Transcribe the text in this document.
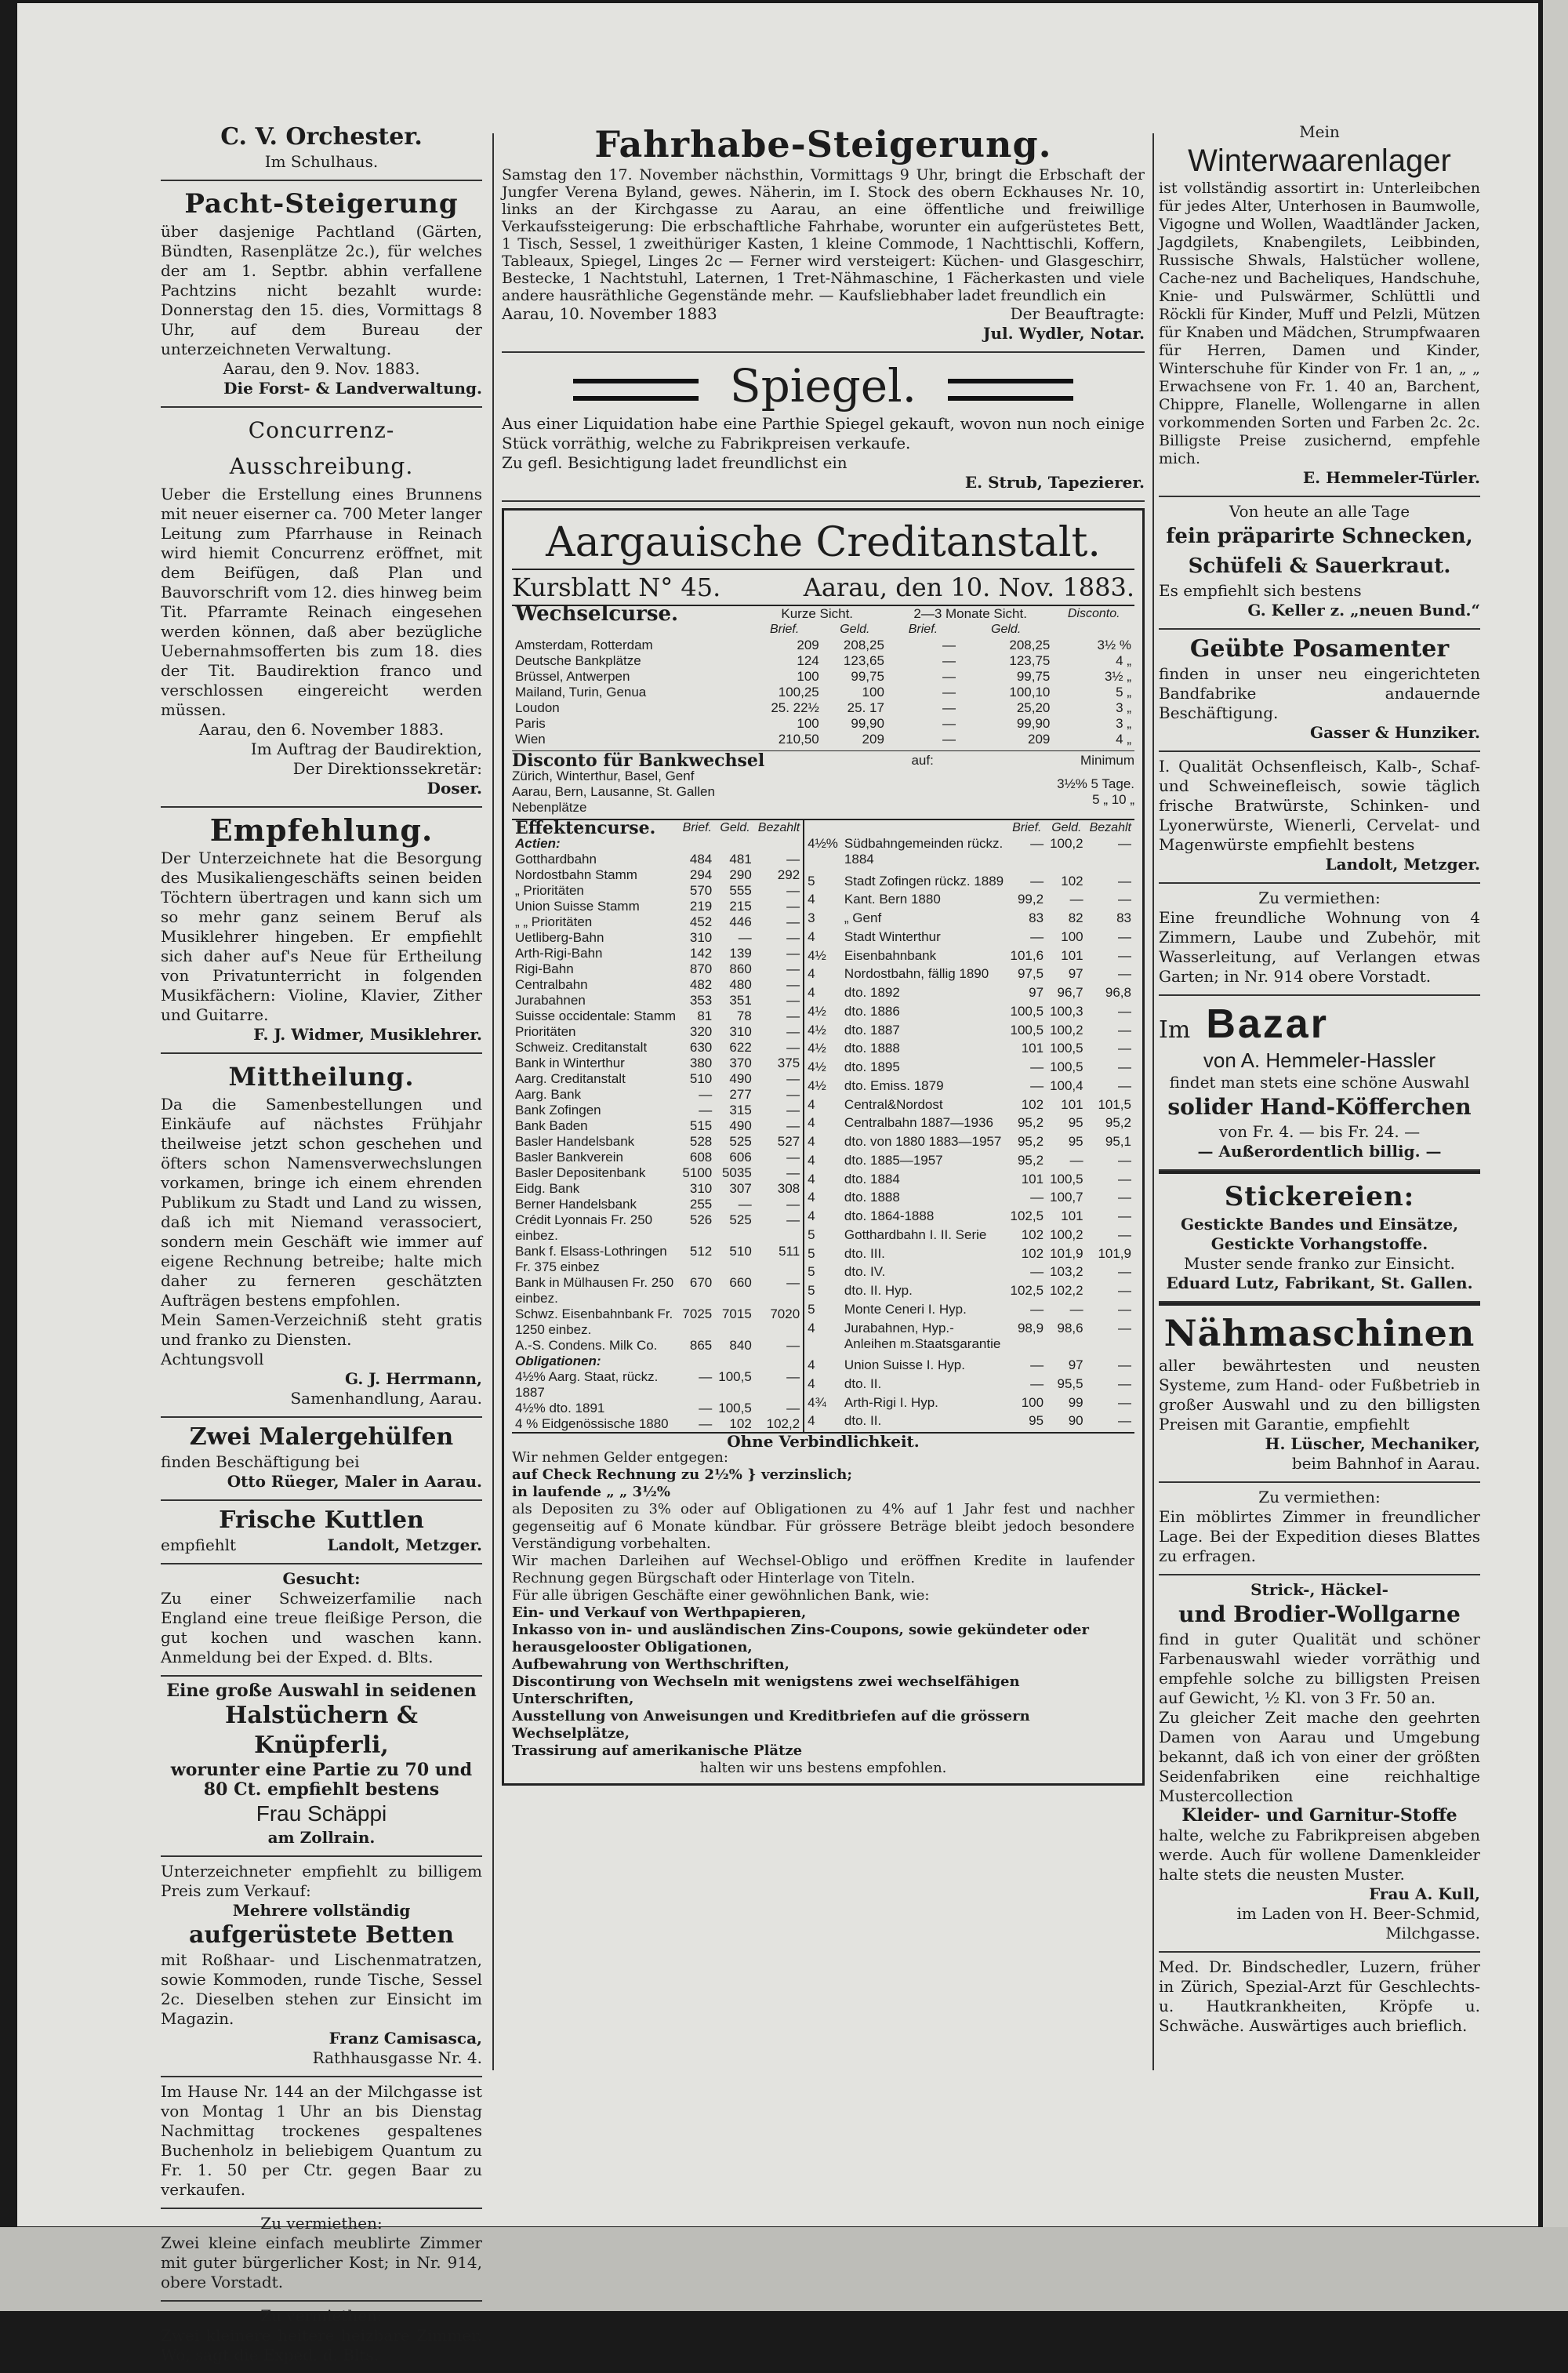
C. V. Orchester.
Im Schulhaus.
Pacht-Steigerung
über dasjenige Pachtland (Gärten, Bündten, Rasenplätze 2c.), für welches der am 1. Septbr. abhin verfallene Pachtzins nicht bezahlt wurde: Donnerstag den 15. dies, Vormittags 8 Uhr, auf dem Bureau der unterzeichneten Verwaltung.
Aarau, den 9. Nov. 1883.
Die Forst- & Landverwaltung.
Concurrenz-Ausschreibung.
Ueber die Erstellung eines Brunnens mit neuer eiserner ca. 700 Meter langer Leitung zum Pfarrhause in Reinach wird hiemit Concurrenz eröffnet, mit dem Beifügen, daß Plan und Bauvorschrift vom 12. dies hinweg beim Tit. Pfarramte Reinach eingesehen werden können, daß aber bezügliche Uebernahmsofferten bis zum 18. dies der Tit. Baudirektion franco und verschlossen eingereicht werden müssen.
Aarau, den 6. November 1883.
Im Auftrag der Baudirektion,
Der Direktionssekretär:
Doser.
Empfehlung.
Der Unterzeichnete hat die Besorgung des Musikaliengeschäfts seinen beiden Töchtern übertragen und kann sich um so mehr ganz seinem Beruf als Musiklehrer hingeben. Er empfiehlt sich daher auf's Neue für Ertheilung von Privatunterricht in folgenden Musikfächern: Violine, Klavier, Zither und Guitarre.
F. J. Widmer, Musiklehrer.
Mittheilung.
Da die Samenbestellungen und Einkäufe auf nächstes Frühjahr theilweise jetzt schon geschehen und öfters schon Namensverwechslungen vorkamen, bringe ich einem ehrenden Publikum zu Stadt und Land zu wissen, daß ich mit Niemand verassociert, sondern mein Geschäft wie immer auf eigene Rechnung betreibe; halte mich daher zu ferneren geschätzten Aufträgen bestens empfohlen.
Mein Samen-Verzeichniß steht gratis und franko zu Diensten.
Achtungsvoll
G. J. Herrmann,
Samenhandlung, Aarau.
Zwei Malergehülfen
finden Beschäftigung bei
Otto Rüeger, Maler in Aarau.
Frische Kuttlen
empfiehlt	Landolt, Metzger.
Gesucht:
Zu einer Schweizerfamilie nach England eine treue fleißige Person, die gut kochen und waschen kann. Anmeldung bei der Exped. d. Blts.
Eine große Auswahl in seidenen
Halstüchern & Knüpferli,
worunter eine Partie zu 70 und
80 Ct. empfiehlt bestens
Frau Schäppi
am Zollrain.
Unterzeichneter empfiehlt zu billigem Preis zum Verkauf:
Mehrere vollständig
aufgerüstete Betten
mit Roßhaar- und Lischenmatratzen, sowie Kommoden, runde Tische, Sessel 2c. Dieselben stehen zur Einsicht im Magazin.
Franz Camisasca,
Rathhausgasse Nr. 4.
Im Hause Nr. 144 an der Milchgasse ist von Montag 1 Uhr an bis Dienstag Nachmittag trockenes gespaltenes Buchenholz in beliebigem Quantum zu Fr. 1. 50 per Ctr. gegen Baar zu verkaufen.
Zu vermiethen:
Zwei kleine einfach meublirte Zimmer mit guter bürgerlicher Kost; in Nr. 914, obere Vorstadt.
Zu vermiethen:
Zwei kleinere heitere heizbare Zimmer. Wo, sagt die Exped. d. Blts.
Fahrhabe-Steigerung.
Samstag den 17. November nächsthin, Vormittags 9 Uhr, bringt die Erbschaft der Jungfer Verena Byland, gewes. Näherin, im I. Stock des obern Eckhauses Nr. 10, links an der Kirchgasse zu Aarau, an eine öffentliche und freiwillige Verkaufssteigerung: Die erbschaftliche Fahrhabe, worunter ein aufgerüstetes Bett, 1 Tisch, Sessel, 1 zweithüriger Kasten, 1 kleine Commode, 1 Nachttischli, Koffern, Tableaux, Spiegel, Linges 2c — Ferner wird versteigert: Küchen- und Glasgeschirr, Bestecke, 1 Nachtstuhl, Laternen, 1 Tret-Nähmaschine, 1 Fächerkasten und viele andere hausräthliche Gegenstände mehr. — Kaufsliebhaber ladet freundlich ein
Aarau, 10. November 1883	Der Beauftragte:
Jul. Wydler, Notar.
Spiegel.
Aus einer Liquidation habe eine Parthie Spiegel gekauft, wovon nun noch einige Stück vorräthig, welche zu Fabrikpreisen verkaufe.
Zu gefl. Besichtigung ladet freundlichst ein
E. Strub, Tapezierer.
Aargauische Creditanstalt.
Kursblatt N° 45.	Aarau, den 10. Nov. 1883.
Wechselcurse.	Kurze Sicht.		2—3 Monate Sicht.		Disconto.
	Brief.	Geld.	Brief.	Geld.	
Amsterdam, Rotterdam	209	208,25	—	208,25	3½ %
Deutsche Bankplätze	124	123,65	—	123,75	4 „
Brüssel, Antwerpen	100	99,75	—	99,75	3½ „
Mailand, Turin, Genua	100,25	100	—	100,10	5 „
Loudon	25. 22½	25. 17	—	25,20	3 „
Paris	100	99,90	—	99,90	3 „
Wien	210,50	209	—	209	4 „
Disconto für Bankwechsel	auf:	Minimum
Zürich, Winterthur, Basel, Genf
Aarau, Bern, Lausanne, St. Gallen
Nebenplätze
3½% 5 Tage.
5 „ 10 „
Effektencurse.	Brief.	Geld.	Bezahlt
Actien:			
Gotthardbahn	484	481	—
Nordostbahn Stamm	294	290	292
„ Prioritäten	570	555	—
Union Suisse Stamm	219	215	—
„ „ Prioritäten	452	446	—
Uetliberg-Bahn	310	—	—
Arth-Rigi-Bahn	142	139	—
Rigi-Bahn	870	860	—
Centralbahn	482	480	—
Jurabahnen	353	351	—
Suisse occidentale: Stamm	81	78	—
Prioritäten	320	310	—
Schweiz. Creditanstalt	630	622	—
Bank in Winterthur	380	370	375
Aarg. Creditanstalt	510	490	—
Aarg. Bank	—	277	—
Bank Zofingen	—	315	—
Bank Baden	515	490	—
Basler Handelsbank	528	525	527
Basler Bankverein	608	606	—
Basler Depositenbank	5100	5035	—
Eidg. Bank	310	307	308
Berner Handelsbank	255	—	—
Crédit Lyonnais Fr. 250 einbez.	526	525	—
Bank f. Elsass-Lothringen Fr. 375 einbez	512	510	511
Bank in Mülhausen Fr. 250 einbez.	670	660	—
Schwz. Eisenbahnbank Fr. 1250 einbez.	7025	7015	7020
A.-S. Condens. Milk Co.	865	840	—
Obligationen:			
4½% Aarg. Staat, rückz. 1887	—	100,5	—
4½% dto. 1891	—	100,5	—
4 % Eidgenössische 1880	—	102	102,2
		Brief.	Geld.	Bezahlt
4½%	Südbahngemeinden rückz. 1884	—	100,2	—
5	Stadt Zofingen rückz. 1889	—	102	—
4	Kant. Bern 1880	99,2	—	—
3	„ Genf	83	82	83
4	Stadt Winterthur	—	100	—
4½	Eisenbahnbank	101,6	101	—
4	Nordostbahn, fällig 1890	97,5	97	—
4	dto. 1892	97	96,7	96,8
4½	dto. 1886	100,5	100,3	—
4½	dto. 1887	100,5	100,2	—
4½	dto. 1888	101	100,5	—
4½	dto. 1895	—	100,5	—
4½	dto. Emiss. 1879	—	100,4	—
4	Central&Nordost	102	101	101,5
4	Centralbahn 1887—1936	95,2	95	95,2
4	dto. von 1880 1883—1957	95,2	95	95,1
4	dto. 1885—1957	95,2	—	—
4	dto. 1884	101	100,5	—
4	dto. 1888	—	100,7	—
4	dto. 1864-1888	102,5	101	—
5	Gotthardbahn I. II. Serie	102	100,2	—
5	dto. III.	102	101,9	101,9
5	dto. IV.	—	103,2	—
5	dto. II. Hyp.	102,5	102,2	—
5	Monte Ceneri I. Hyp.	—	—	—
4	Jurabahnen, Hyp.-Anleihen m.Staatsgarantie	98,9	98,6	—
4	Union Suisse I. Hyp.	—	97	—
4	dto. II.	—	95,5	—
4¾	Arth-Rigi I. Hyp.	100	99	—
4	dto. II.	95	90	—
Ohne Verbindlichkeit.
Wir nehmen Gelder entgegen:
auf Check Rechnung zu 2½% } verzinslich;
in laufende „ „ 3½%
als Depositen zu 3% oder auf Obligationen zu 4% auf 1 Jahr fest und nachher gegenseitig auf 6 Monate kündbar. Für grössere Beträge bleibt jedoch besondere Verständigung vorbehalten.
Wir machen Darleihen auf Wechsel-Obligo und eröffnen Kredite in laufender Rechnung gegen Bürgschaft oder Hinterlage von Titeln.
Für alle übrigen Geschäfte einer gewöhnlichen Bank, wie:
Ein- und Verkauf von Werthpapieren,
Inkasso von in- und ausländischen Zins-Coupons, sowie gekündeter oder herausgelooster Obligationen,
Aufbewahrung von Werthschriften,
Discontirung von Wechseln mit wenigstens zwei wechselfähigen Unterschriften,
Ausstellung von Anweisungen und Kreditbriefen auf die grössern Wechselplätze,
Trassirung auf amerikanische Plätze
halten wir uns bestens empfohlen.
Mein
Winterwaarenlager
ist vollständig assortirt in: Unterleibchen für jedes Alter, Unterhosen in Baumwolle, Vigogne und Wollen, Waadtländer Jacken, Jagdgilets, Knabengilets, Leibbinden, Russische Shwals, Halstücher wollene, Cache-nez und Bacheliques, Handschuhe, Knie- und Pulswärmer, Schlüttli und Röckli für Kinder, Muff und Pelzli, Mützen für Knaben und Mädchen, Strumpfwaaren für Herren, Damen und Kinder, Winterschuhe für Kinder von Fr. 1 an, „ „ Erwachsene von Fr. 1. 40 an, Barchent, Chippre, Flanelle, Wollengarne in allen vorkommenden Sorten und Farben 2c. 2c. Billigste Preise zusichernd, empfehle mich.
E. Hemmeler-Türler.
Von heute an alle Tage
fein präparirte Schnecken,
Schüfeli & Sauerkraut.
Es empfiehlt sich bestens
G. Keller z. „neuen Bund.“
Geübte Posamenter
finden in unser neu eingerichteten Bandfabrike andauernde Beschäftigung.
Gasser & Hunziker.
I. Qualität Ochsenfleisch, Kalb-, Schaf- und Schweinefleisch, sowie täglich frische Bratwürste, Schinken- und Lyonerwürste, Wienerli, Cervelat- und Magenwürste empfiehlt bestens
Landolt, Metzger.
Zu vermiethen:
Eine freundliche Wohnung von 4 Zimmern, Laube und Zubehör, mit Wasserleitung, auf Verlangen etwas Garten; in Nr. 914 obere Vorstadt.
Im Bazar
von A. Hemmeler-Hassler
findet man stets eine schöne Auswahl
solider Hand-Köfferchen
von Fr. 4. — bis Fr. 24. —
— Außerordentlich billig. —
Stickereien:
Gestickte Bandes und Einsätze,
Gestickte Vorhangstoffe.
Muster sende franko zur Einsicht.
Eduard Lutz, Fabrikant, St. Gallen.
Nähmaschinen
aller bewährtesten und neusten Systeme, zum Hand- oder Fußbetrieb in großer Auswahl und zu den billigsten Preisen mit Garantie, empfiehlt
H. Lüscher, Mechaniker,
beim Bahnhof in Aarau.
Zu vermiethen:
Ein möblirtes Zimmer in freundlicher Lage. Bei der Expedition dieses Blattes zu erfragen.
Strick-, Häckel-
und Brodier-Wollgarne
find in guter Qualität und schöner Farbenauswahl wieder vorräthig und empfehle solche zu billigsten Preisen auf Gewicht, ½ Kl. von 3 Fr. 50 an.
Zu gleicher Zeit mache den geehrten Damen von Aarau und Umgebung bekannt, daß ich von einer der größten Seidenfabriken eine reichhaltige Mustercollection
Kleider- und Garnitur-Stoffe
halte, welche zu Fabrikpreisen abgeben werde. Auch für wollene Damenkleider halte stets die neusten Muster.
Frau A. Kull,
im Laden von H. Beer-Schmid, Milchgasse.
Med. Dr. Bindschedler, Luzern, früher in Zürich, Spezial-Arzt für Geschlechts- u. Hautkrankheiten, Kröpfe u. Schwäche. Auswärtiges auch brieflich.
